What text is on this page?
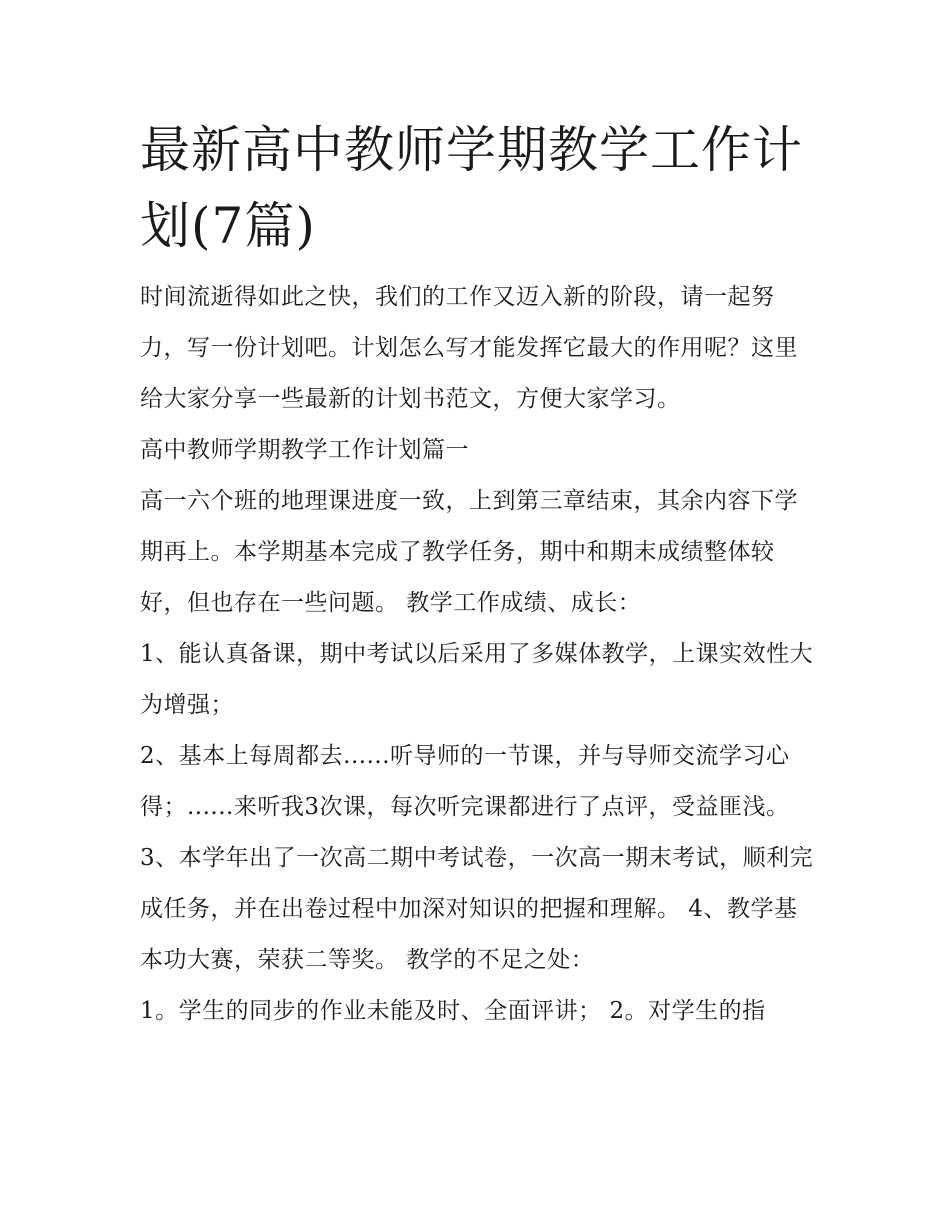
最新高中教师学期教学工作计划(7篇)

时间流逝得如此之快，我们的工作又迈入新的阶段，请一起努力，写一份计划吧。计划怎么写才能发挥它最大的作用呢？这里给大家分享一些最新的计划书范文，方便大家学习。

高中教师学期教学工作计划篇一

高一六个班的地理课进度一致，上到第三章结束，其余内容下学期再上。本学期基本完成了教学任务，期中和期末成绩整体较好，但也存在一些问题。 教学工作成绩、成长：

1、能认真备课，期中考试以后采用了多媒体教学，上课实效性大为增强；

2、基本上每周都去......听导师的一节课，并与导师交流学习心得；......来听我3次课，每次听完课都进行了点评，受益匪浅。

3、本学年出了一次高二期中考试卷，一次高一期末考试，顺利完成任务，并在出卷过程中加深对知识的把握和理解。 4、教学基本功大赛，荣获二等奖。 教学的不足之处：

1。学生的同步的作业未能及时、全面评讲； 2。对学生的指
